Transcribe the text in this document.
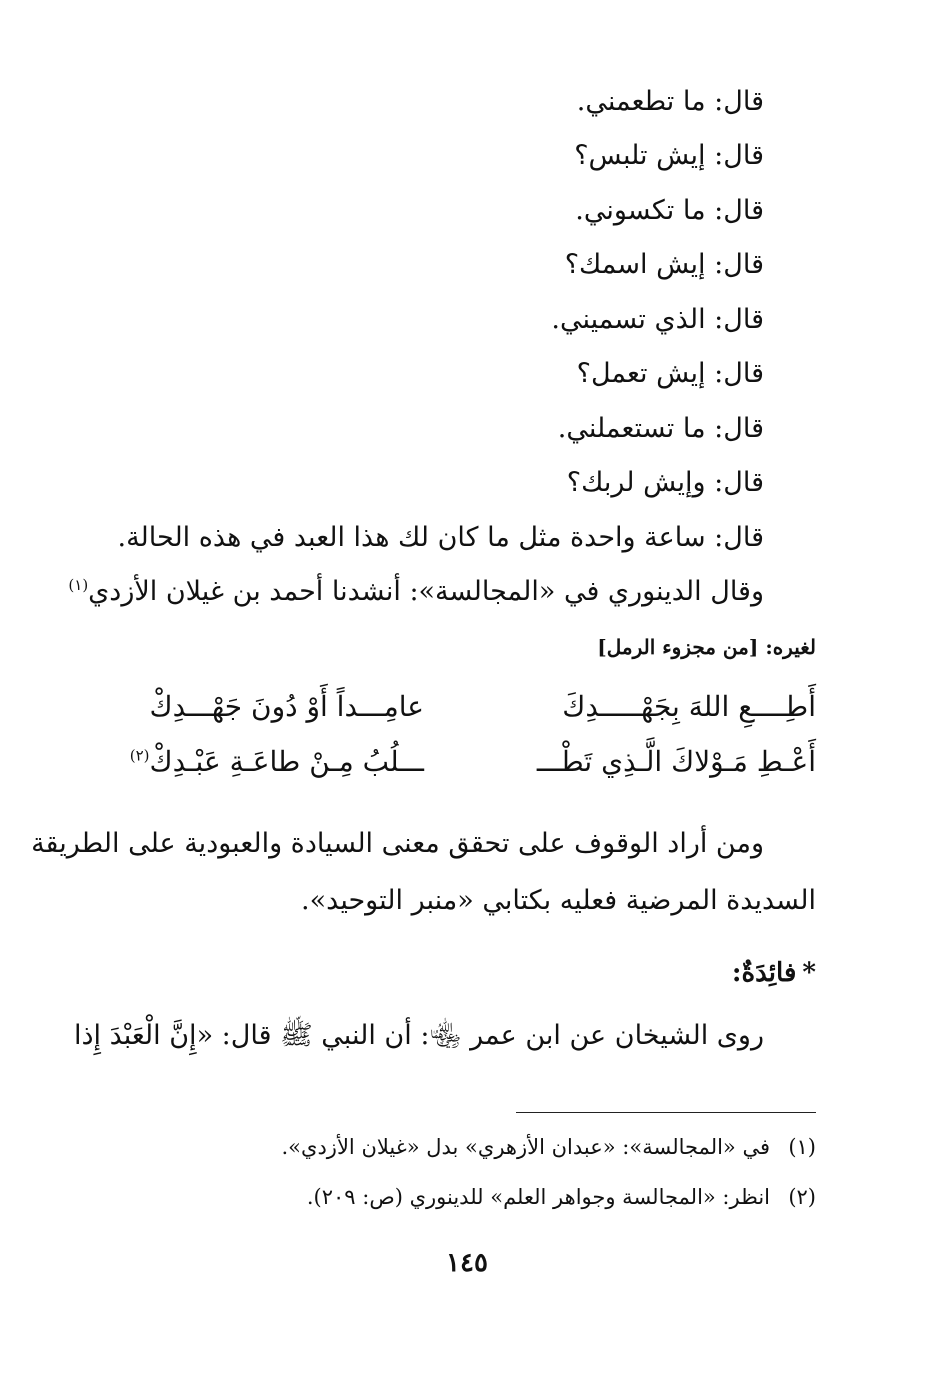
قال: ما تطعمني.
قال: إيش تلبس؟
قال: ما تكسوني.
قال: إيش اسمك؟
قال: الذي تسميني.
قال: إيش تعمل؟
قال: ما تستعملني.
قال: وإيش لربك؟
قال: ساعة واحدة مثل ما كان لك هذا العبد في هذه الحالة.
وقال الدينوري في «المجالسة»: أنشدنا أحمد بن غيلان الأزدي$^{(١)}$
لغيره: [من مجزوء الرمل]
أَطِــــعِ اللهَ بِجَهْـــــدِكَ
عامِـــداً أَوْ دُونَ جَهْـــدِكْ
أَعْـطِ مَـوْلاكَ الَّـذِي تَطْـــ
ـــلُبُ مِـنْ طاعَـةِ عَبْـدِكْ$^{(٢)}$
ومن أراد الوقوف على تحقق معنى السيادة والعبودية على الطريقة
السديدة المرضية فعليه بكتابي «منبر التوحيد».
*فائِدَةٌ:
روى الشيخان عن ابن عمر ﵄: أن النبي ﷺ قال: «إِنَّ الْعَبْدَ إِذا
(١)في «المجالسة»: «عبدان الأزهري» بدل «غيلان الأزدي».
(٢)انظر: «المجالسة وجواهر العلم» للدينوري (ص: ٢٠٩).
١٤٥
